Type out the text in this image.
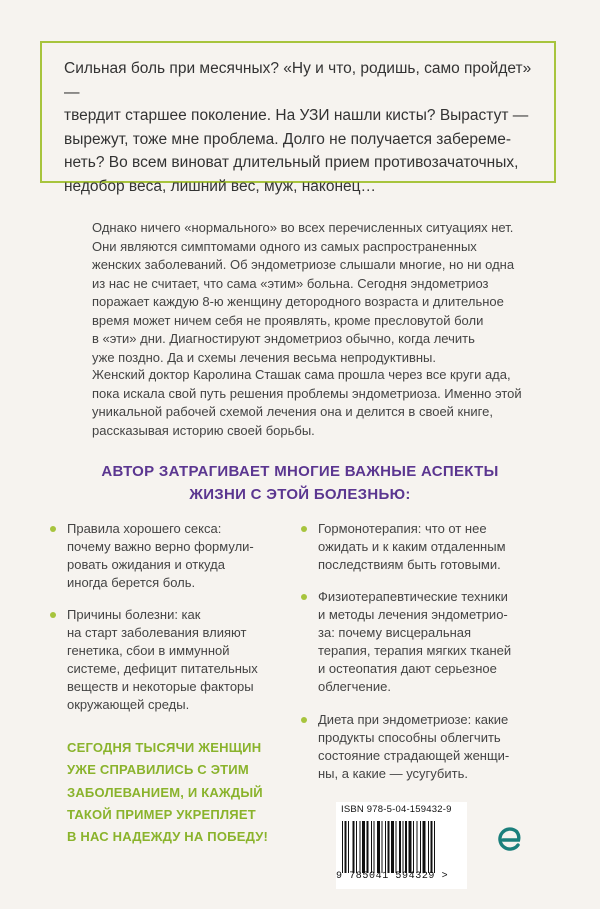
Сильная боль при месячных? «Ну и что, родишь, само пройдет» —
твердит старшее поколение. На УЗИ нашли кисты? Вырастут —
вырежут, тоже мне проблема. Долго не получается забереме-
неть? Во всем виноват длительный прием противозачаточных,
недобор веса, лишний вес, муж, наконец…
Однако ничего «нормального» во всех перечисленных ситуациях нет.
Они являются симптомами одного из самых распространенных
женских заболеваний. Об эндометриозе слышали многие, но ни одна
из нас не считает, что сама «этим» больна. Сегодня эндометриоз
поражает каждую 8-ю женщину детородного возраста и длительное
время может ничем себя не проявлять, кроме пресловутой боли
в «эти» дни. Диагностируют эндометриоз обычно, когда лечить
уже поздно. Да и схемы лечения весьма непродуктивны.
Женский доктор Каролина Сташак сама прошла через все круги ада,
пока искала свой путь решения проблемы эндометриоза. Именно этой
уникальной рабочей схемой лечения она и делится в своей книге,
рассказывая историю своей борьбы.
АВТОР ЗАТРАГИВАЕТ МНОГИЕ ВАЖНЫЕ АСПЕКТЫ
ЖИЗНИ С ЭТОЙ БОЛЕЗНЬЮ:
Правила хорошего секса:
почему важно верно формули-
ровать ожидания и откуда
иногда берется боль.
Причины болезни: как
на старт заболевания влияют
генетика, сбои в иммунной
системе, дефицит питательных
веществ и некоторые факторы
окружающей среды.
Гормонотерапия: что от нее
ожидать и к каким отдаленным
последствиям быть готовыми.
Физиотерапевтические техники
и методы лечения эндометрио-
за: почему висцеральная
терапия, терапия мягких тканей
и остеопатия дают серьезное
облегчение.
Диета при эндометриозе: какие
продукты способны облегчить
состояние страдающей женщи-
ны, а какие — усугубить.
СЕГОДНЯ ТЫСЯЧИ ЖЕНЩИН
УЖЕ СПРАВИЛИСЬ С ЭТИМ
ЗАБОЛЕВАНИЕМ, И КАЖДЫЙ
ТАКОЙ ПРИМЕР УКРЕПЛЯЕТ
В НАС НАДЕЖДУ НА ПОБЕДУ!
ISBN 978-5-04-159432-9
9 785041 594329 >
